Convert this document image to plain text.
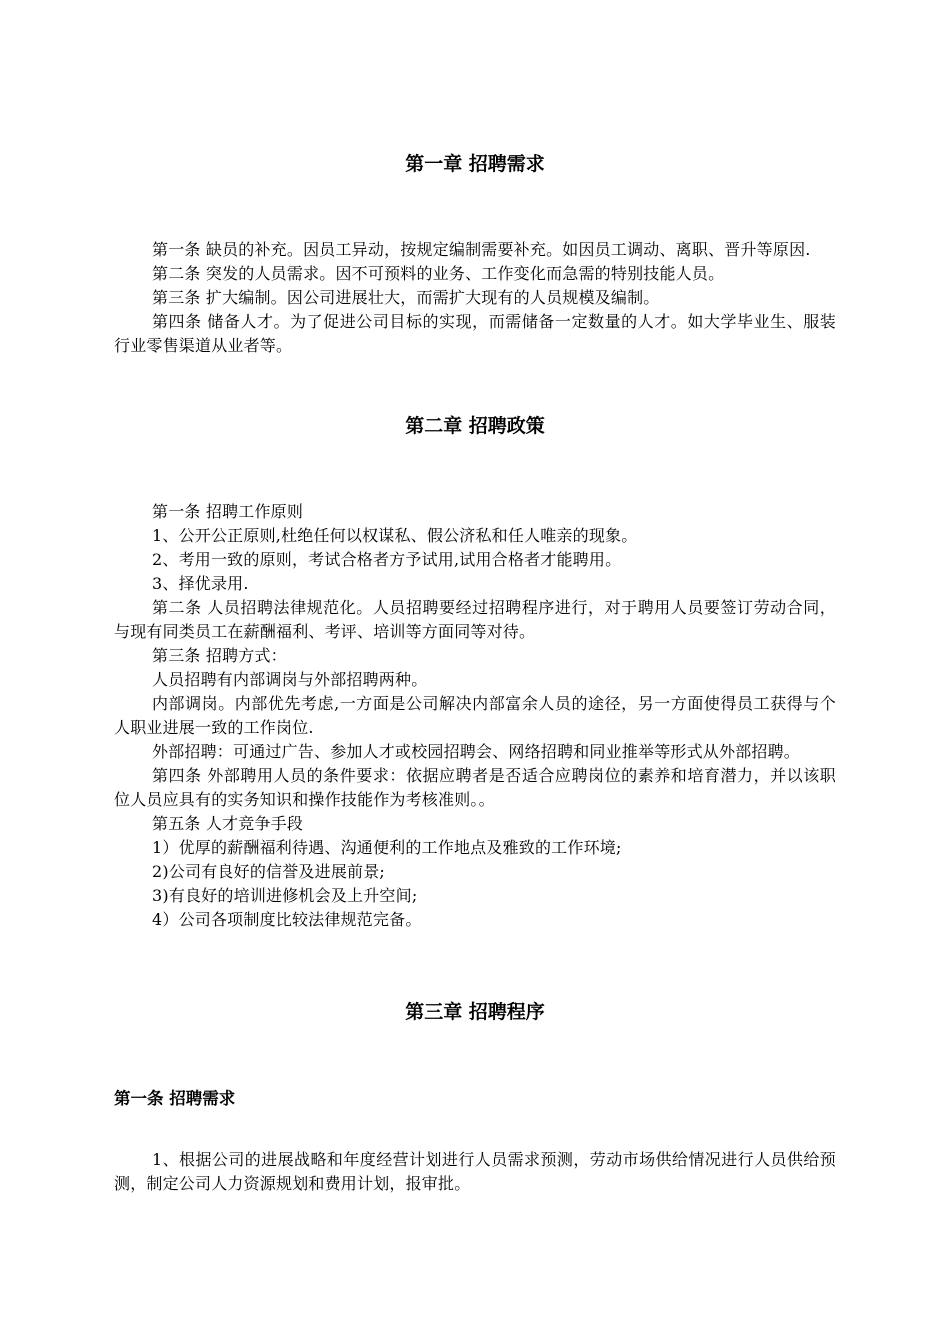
第一章 招聘需求

第一条 缺员的补充。因员工异动，按规定编制需要补充。如因员工调动、离职、晋升等原因.

第二条 突发的人员需求。因不可预料的业务、工作变化而急需的特别技能人员。

第三条 扩大编制。因公司进展壮大，而需扩大现有的人员规模及编制。

第四条 储备人才。为了促进公司目标的实现，而需储备一定数量的人才。如大学毕业生、服装行业零售渠道从业者等。

第二章 招聘政策

第一条 招聘工作原则

1、公开公正原则,杜绝任何以权谋私、假公济私和任人唯亲的现象。

2、考用一致的原则，考试合格者方予试用,试用合格者才能聘用。

3、择优录用.

第二条 人员招聘法律规范化。人员招聘要经过招聘程序进行，对于聘用人员要签订劳动合同，与现有同类员工在薪酬福利、考评、培训等方面同等对待。

第三条 招聘方式：

人员招聘有内部调岗与外部招聘两种。

内部调岗。内部优先考虑,一方面是公司解决内部富余人员的途径，另一方面使得员工获得与个人职业进展一致的工作岗位.

外部招聘：可通过广告、参加人才或校园招聘会、网络招聘和同业推举等形式从外部招聘。

第四条 外部聘用人员的条件要求：依据应聘者是否适合应聘岗位的素养和培育潜力，并以该职位人员应具有的实务知识和操作技能作为考核准则。。

第五条 人才竞争手段

1）优厚的薪酬福利待遇、沟通便利的工作地点及雅致的工作环境;

2)公司有良好的信誉及进展前景;

3)有良好的培训进修机会及上升空间;

4）公司各项制度比较法律规范完备。

第三章 招聘程序
第一条 招聘需求

1、根据公司的进展战略和年度经营计划进行人员需求预测，劳动市场供给情况进行人员供给预测，制定公司人力资源规划和费用计划，报审批。
